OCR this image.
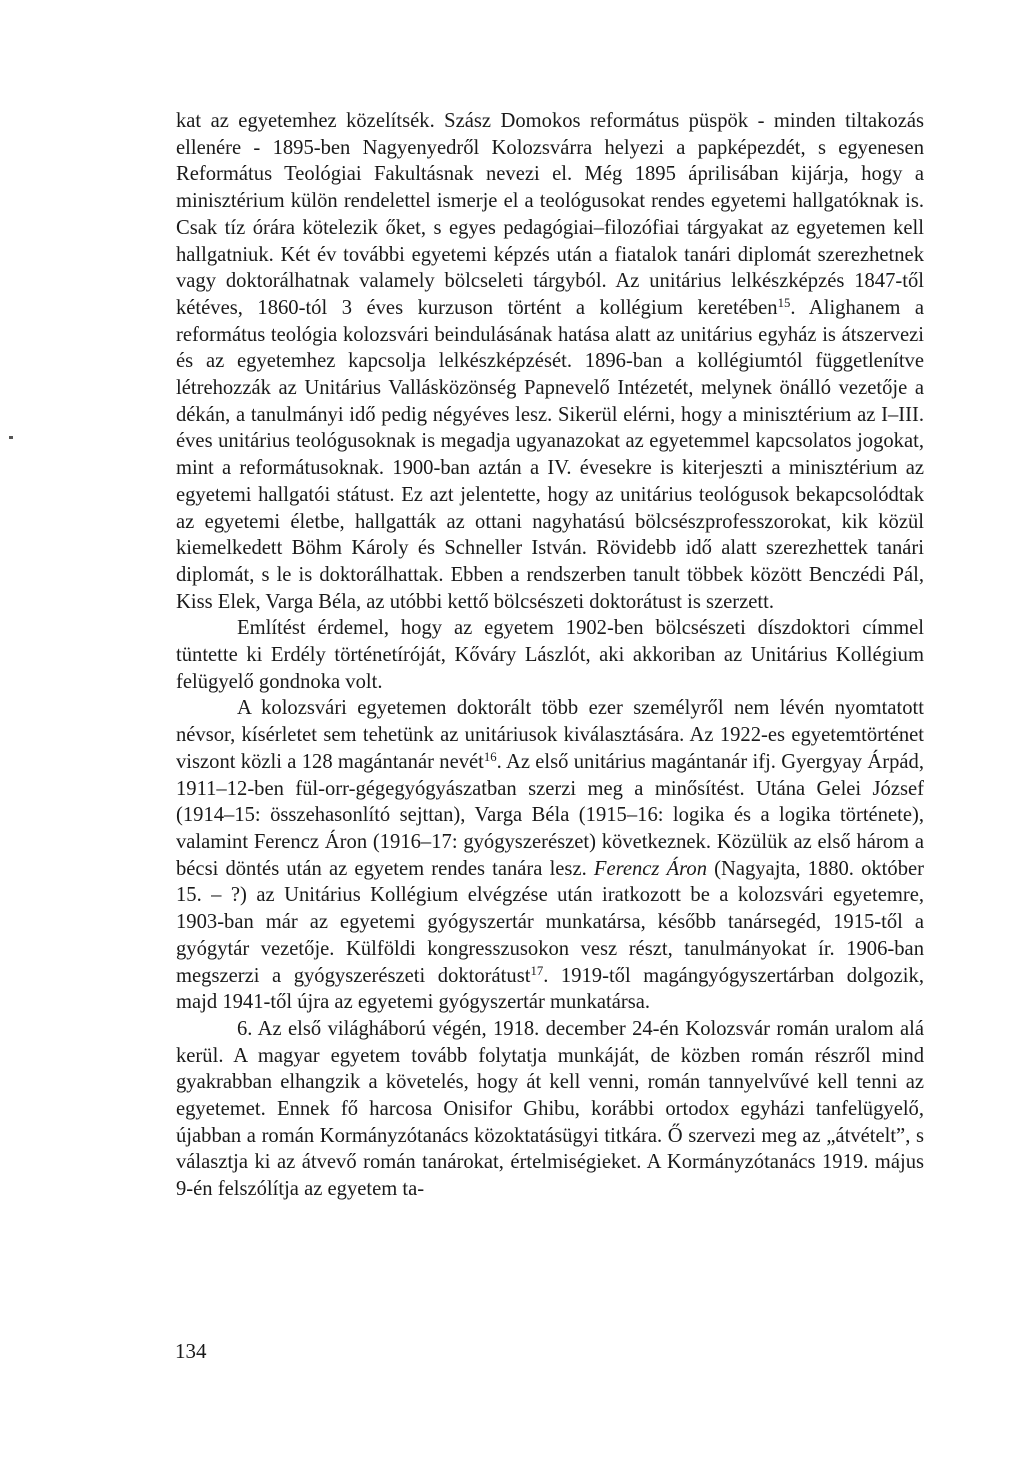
kat az egyetemhez közelítsék. Szász Domokos református püspök - minden tiltakozás ellenére - 1895-ben Nagyenyedről Kolozsvárra helyezi a papképezdét, s egyenesen Református Teológiai Fakultásnak nevezi el. Még 1895 áprilisában kijárja, hogy a minisztérium külön rendelettel ismerje el a teológusokat rendes egyetemi hallgatóknak is. Csak tíz órára kötelezik őket, s egyes pedagógiai–filozófiai tárgyakat az egyetemen kell hallgatniuk. Két év további egyetemi képzés után a fiatalok tanári diplomát szerezhetnek vagy doktorálhatnak valamely bölcseleti tárgyból. Az unitárius lelkészképzés 1847-től kétéves, 1860-tól 3 éves kurzuson történt a kollégium keretében$^{15}$. Alighanem a református teológia kolozsvári beindulásának hatása alatt az unitárius egyház is átszervezi és az egyetemhez kapcsolja lelkészképzését. 1896-ban a kollégiumtól függetlenítve létrehozzák az Unitárius Vallásközönség Papnevelő Intézetét, melynek önálló vezetője a dékán, a tanulmányi idő pedig négyéves lesz. Sikerül elérni, hogy a minisztérium az I–III. éves unitárius teológusoknak is megadja ugyanazokat az egyetemmel kapcsolatos jogokat, mint a reformátusoknak. 1900-ban aztán a IV. évesekre is kiterjeszti a minisztérium az egyetemi hallgatói státust. Ez azt jelentette, hogy az unitárius teológusok bekapcsolódtak az egyetemi életbe, hallgatták az ottani nagyhatású bölcsészprofesszorokat, kik közül kiemelkedett Böhm Károly és Schneller István. Rövidebb idő alatt szerezhettek tanári diplomát, s le is doktorálhattak. Ebben a rendszerben tanult többek között Benczédi Pál, Kiss Elek, Varga Béla, az utóbbi kettő bölcsészeti doktorátust is szerzett.

Említést érdemel, hogy az egyetem 1902-ben bölcsészeti díszdoktori címmel tüntette ki Erdély történetíróját, Kőváry Lászlót, aki akkoriban az Unitárius Kollégium felügyelő gondnoka volt.

A kolozsvári egyetemen doktorált több ezer személyről nem lévén nyomtatott névsor, kísérletet sem tehetünk az unitáriusok kiválasztására. Az 1922-es egyetemtörténet viszont közli a 128 magántanár nevét$^{16}$. Az első unitárius magántanár ifj. Gyergyay Árpád, 1911–12-ben fül-orr-gégegyógyászatban szerzi meg a minősítést. Utána Gelei József (1914–15: összehasonlító sejttan), Varga Béla (1915–16: logika és a logika története), valamint Ferencz Áron (1916–17: gyógyszerészet) következnek. Közülük az első három a bécsi döntés után az egyetem rendes tanára lesz. Ferencz Áron (Nagyajta, 1880. október 15. – ?) az Unitárius Kollégium elvégzése után iratkozott be a kolozsvári egyetemre, 1903-ban már az egyetemi gyógyszertár munkatársa, később tanársegéd, 1915-től a gyógytár vezetője. Külföldi kongresszusokon vesz részt, tanulmányokat ír. 1906-ban megszerzi a gyógyszerészeti doktorátust$^{17}$. 1919-től magángyógyszertárban dolgozik, majd 1941-től újra az egyetemi gyógyszertár munkatársa.

6. Az első világháború végén, 1918. december 24-én Kolozsvár román uralom alá kerül. A magyar egyetem tovább folytatja munkáját, de közben román részről mind gyakrabban elhangzik a követelés, hogy át kell venni, román tannyelvűvé kell tenni az egyetemet. Ennek fő harcosa Onisifor Ghibu, korábbi ortodox egyházi tanfelügyelő, újabban a román Kormányzótanács közoktatásügyi titkára. Ő szervezi meg az „átvételt”, s választja ki az átvevő román tanárokat, értelmiségieket. A Kormányzótanács 1919. május 9-én felszólítja az egyetem ta-

134
